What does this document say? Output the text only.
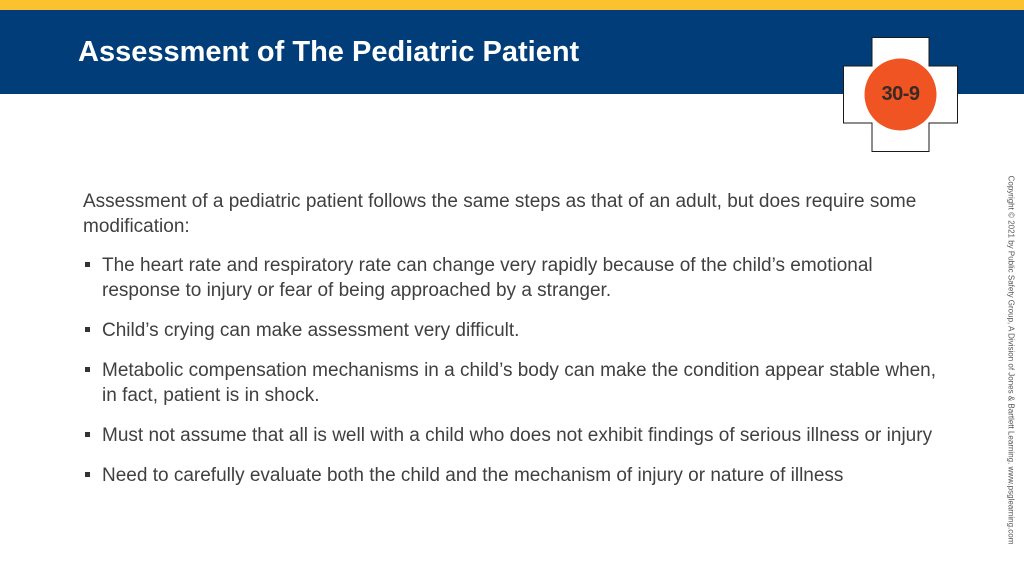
Assessment of The Pediatric Patient
30-9
Copyright © 2021 by Public Safety Group, A Division of Jones & Bartlett Learning. www.psglearning.com

Assessment of a pediatric patient follows the same steps as that of an adult, but does require some modification:

The heart rate and respiratory rate can change very rapidly because of the child’s emotional response to injury or fear of being approached by a stranger.
Child’s crying can make assessment very difficult.
Metabolic compensation mechanisms in a child’s body can make the condition appear stable when, in fact, patient is in shock.
Must not assume that all is well with a child who does not exhibit findings of serious illness or injury
Need to carefully evaluate both the child and the mechanism of injury or nature of illness
